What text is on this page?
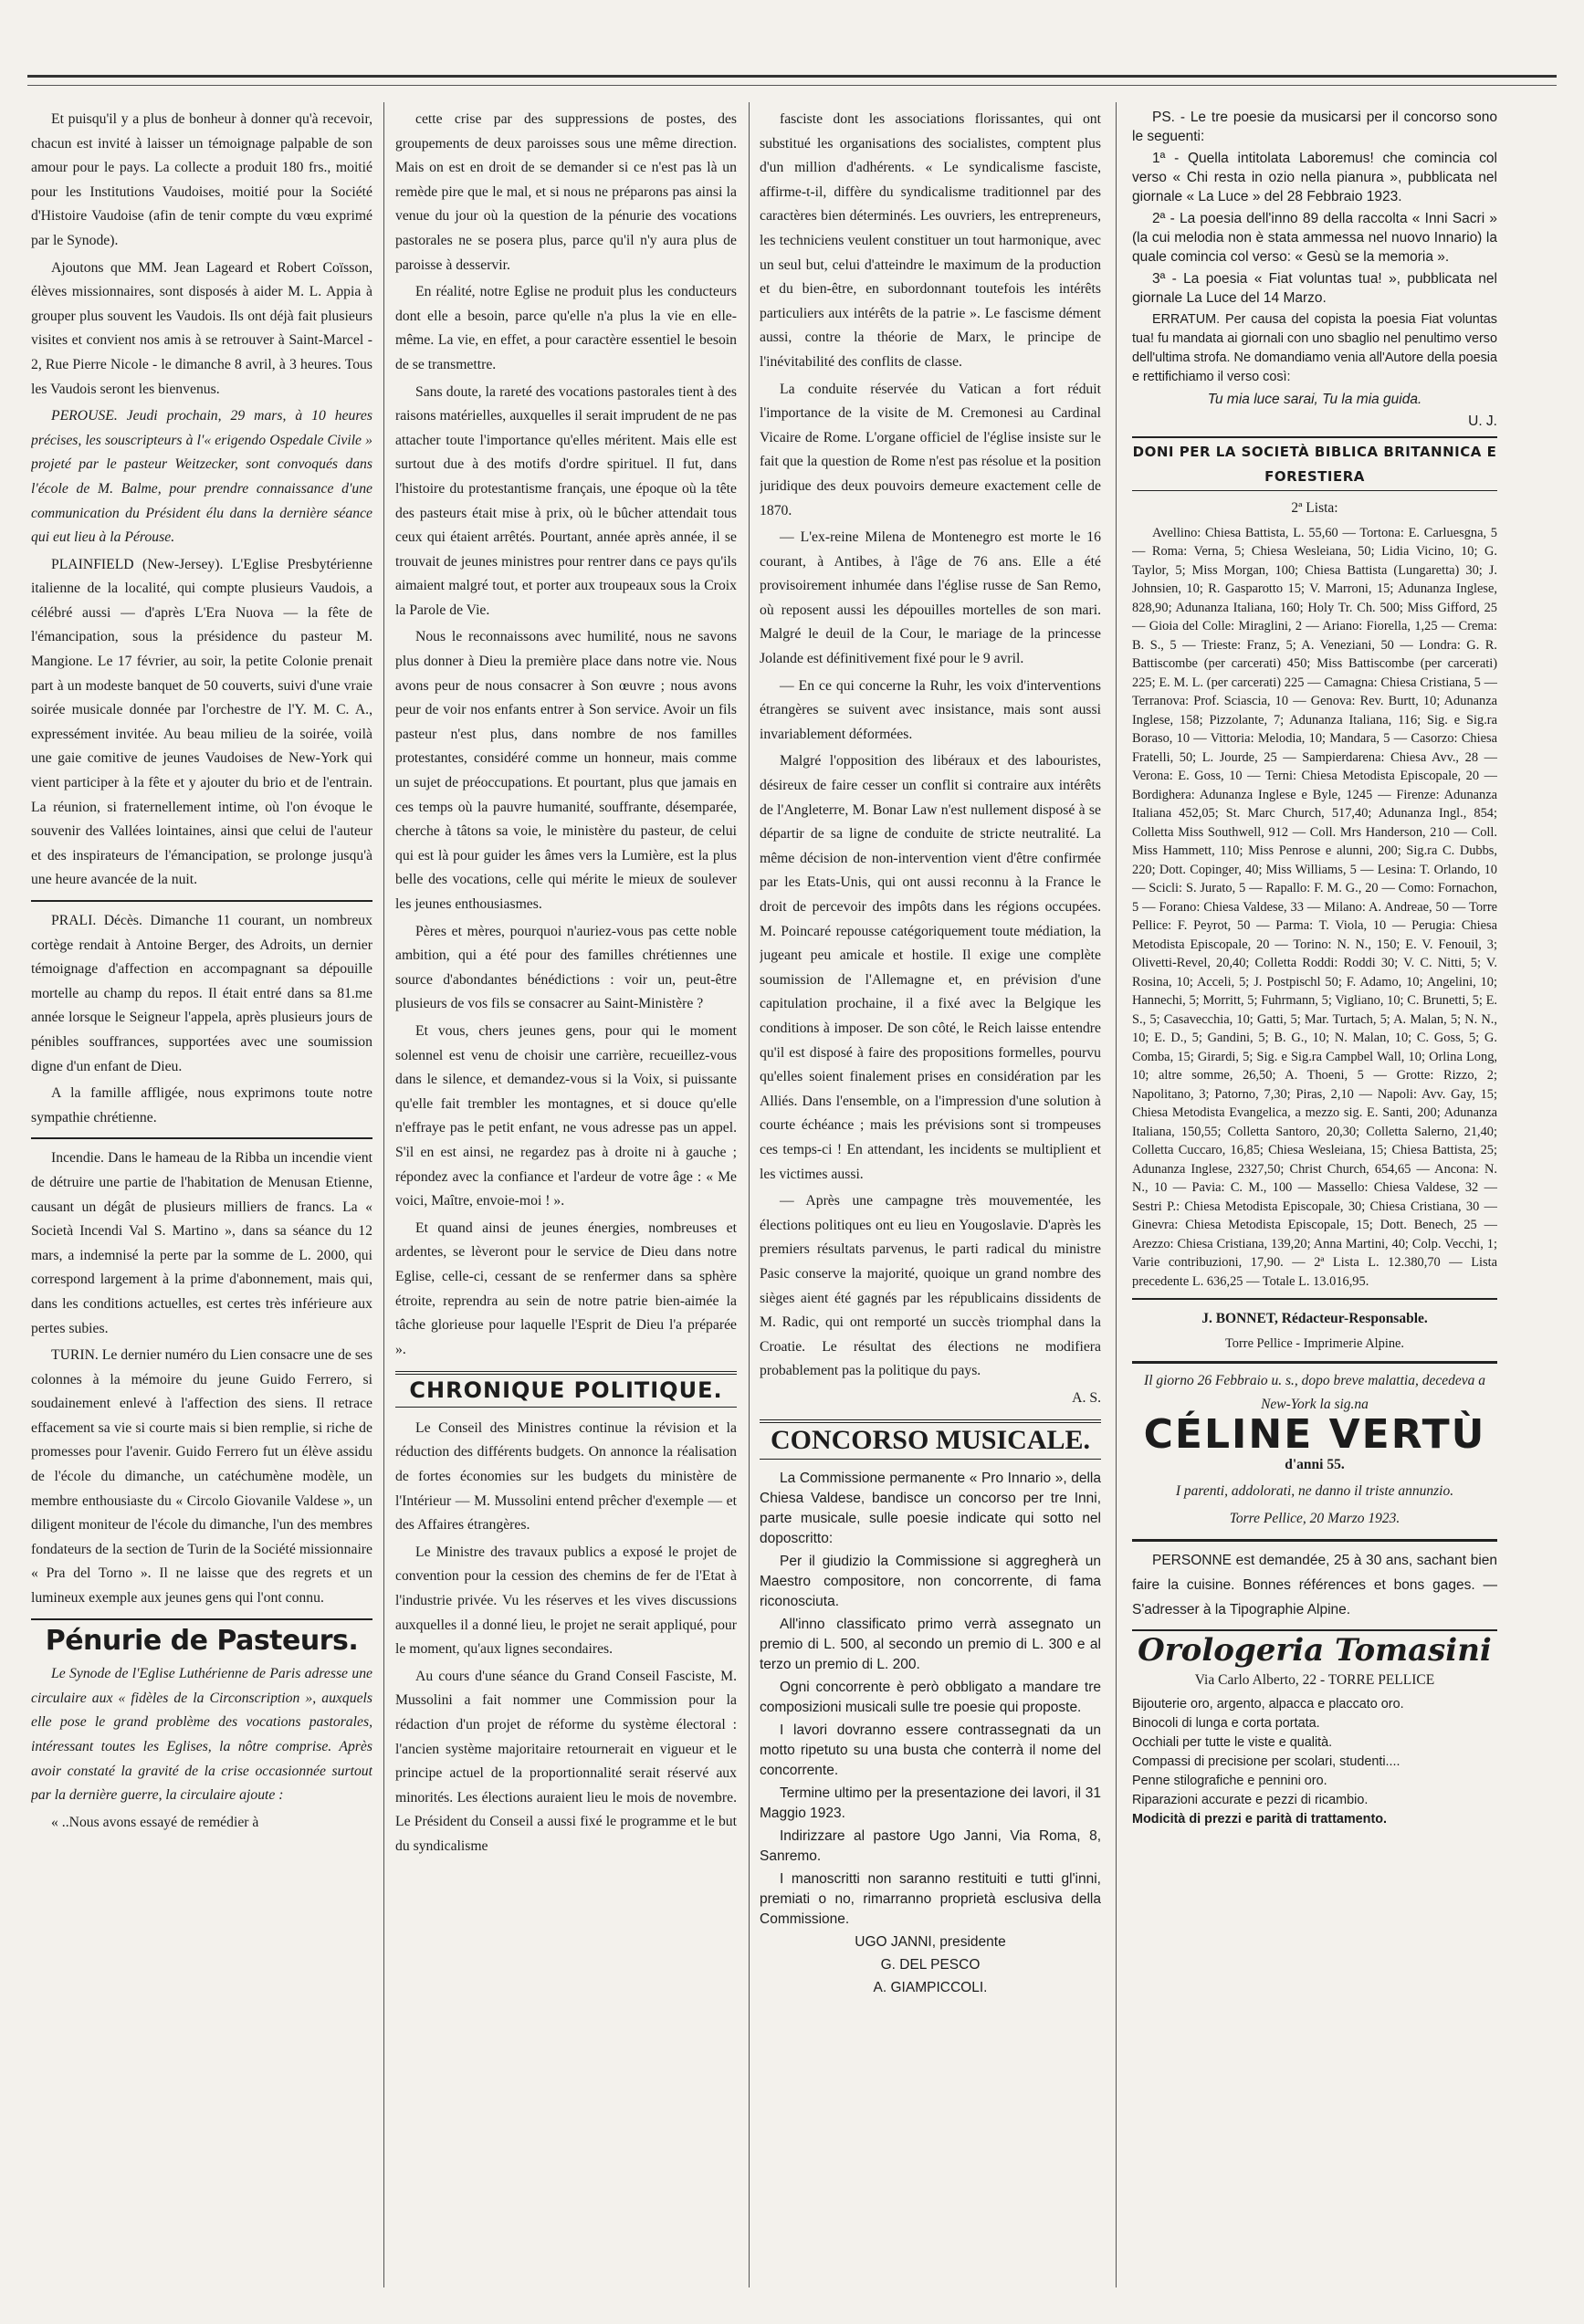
Et puisqu'il y a plus de bonheur à donner qu'à recevoir, chacun est invité à laisser un témoignage palpable de son amour pour le pays. La collecte a produit 180 frs., moitié pour les Institutions Vaudoises, moitié pour la Société d'Histoire Vaudoise (afin de tenir compte du vœu exprimé par le Synode).

Ajoutons que MM. Jean Lageard et Robert Coïsson, élèves missionnaires, sont disposés à aider M. L. Appia à grouper plus souvent les Vaudois. Ils ont déjà fait plusieurs visites et convient nos amis à se retrouver à Saint-Marcel - 2, Rue Pierre Nicole - le dimanche 8 avril, à 3 heures. Tous les Vaudois seront les bienvenus.

PEROUSE. Jeudi prochain, 29 mars, à 10 heures précises, les souscripteurs à l'« erigendo Ospedale Civile » projeté par le pasteur Weitzecker, sont convoqués dans l'école de M. Balme, pour prendre connaissance d'une communication du Président élu dans la dernière séance qui eut lieu à la Pérouse.

PLAINFIELD (New-Jersey). L'Eglise Presbytérienne italienne de la localité, qui compte plusieurs Vaudois, a célébré aussi — d'après L'Era Nuova — la fête de l'émancipation, sous la présidence du pasteur M. Mangione. Le 17 février, au soir, la petite Colonie prenait part à un modeste banquet de 50 couverts, suivi d'une vraie soirée musicale donnée par l'orchestre de l'Y. M. C. A., expressément invitée. Au beau milieu de la soirée, voilà une gaie comitive de jeunes Vaudoises de New-York qui vient participer à la fête et y ajouter du brio et de l'entrain. La réunion, si fraternellement intime, où l'on évoque le souvenir des Vallées lointaines, ainsi que celui de l'auteur et des inspirateurs de l'émancipation, se prolonge jusqu'à une heure avancée de la nuit.

PRALI. Décès. Dimanche 11 courant, un nombreux cortège rendait à Antoine Berger, des Adroits, un dernier témoignage d'affection en accompagnant sa dépouille mortelle au champ du repos. Il était entré dans sa 81.me année lorsque le Seigneur l'appela, après plusieurs jours de pénibles souffrances, supportées avec une soumission digne d'un enfant de Dieu.

A la famille affligée, nous exprimons toute notre sympathie chrétienne.

Incendie. Dans le hameau de la Ribba un incendie vient de détruire une partie de l'habitation de Menusan Etienne, causant un dégât de plusieurs milliers de francs. La « Società Incendi Val S. Martino », dans sa séance du 12 mars, a indemnisé la perte par la somme de L. 2000, qui correspond largement à la prime d'abonnement, mais qui, dans les conditions actuelles, est certes très inférieure aux pertes subies.

TURIN. Le dernier numéro du Lien consacre une de ses colonnes à la mémoire du jeune Guido Ferrero, si soudainement enlevé à l'affection des siens. Il retrace effacement sa vie si courte mais si bien remplie, si riche de promesses pour l'avenir. Guido Ferrero fut un élève assidu de l'école du dimanche, un catéchumène modèle, un membre enthousiaste du « Circolo Giovanile Valdese », un diligent moniteur de l'école du dimanche, l'un des membres fondateurs de la section de Turin de la Société missionnaire « Pra del Torno ». Il ne laisse que des regrets et un lumineux exemple aux jeunes gens qui l'ont connu.

Pénurie de Pasteurs.

Le Synode de l'Eglise Luthérienne de Paris adresse une circulaire aux « fidèles de la Circonscription », auxquels elle pose le grand problème des vocations pastorales, intéressant toutes les Eglises, la nôtre comprise. Après avoir constaté la gravité de la crise occasionnée surtout par la dernière guerre, la circulaire ajoute :

« ..Nous avons essayé de remédier à

cette crise par des suppressions de postes, des groupements de deux paroisses sous une même direction. Mais on est en droit de se demander si ce n'est pas là un remède pire que le mal, et si nous ne préparons pas ainsi la venue du jour où la question de la pénurie des vocations pastorales ne se posera plus, parce qu'il n'y aura plus de paroisse à desservir.

En réalité, notre Eglise ne produit plus les conducteurs dont elle a besoin, parce qu'elle n'a plus la vie en elle-même. La vie, en effet, a pour caractère essentiel le besoin de se transmettre.

Sans doute, la rareté des vocations pastorales tient à des raisons matérielles, auxquelles il serait imprudent de ne pas attacher toute l'importance qu'elles méritent. Mais elle est surtout due à des motifs d'ordre spirituel. Il fut, dans l'histoire du protestantisme français, une époque où la tête des pasteurs était mise à prix, où le bûcher attendait tous ceux qui étaient arrêtés. Pourtant, année après année, il se trouvait de jeunes ministres pour rentrer dans ce pays qu'ils aimaient malgré tout, et porter aux troupeaux sous la Croix la Parole de Vie.

Nous le reconnaissons avec humilité, nous ne savons plus donner à Dieu la première place dans notre vie. Nous avons peur de nous consacrer à Son œuvre ; nous avons peur de voir nos enfants entrer à Son service. Avoir un fils pasteur n'est plus, dans nombre de nos familles protestantes, considéré comme un honneur, mais comme un sujet de préoccupations. Et pourtant, plus que jamais en ces temps où la pauvre humanité, souffrante, désemparée, cherche à tâtons sa voie, le ministère du pasteur, de celui qui est là pour guider les âmes vers la Lumière, est la plus belle des vocations, celle qui mérite le mieux de soulever les jeunes enthousiasmes.

Pères et mères, pourquoi n'auriez-vous pas cette noble ambition, qui a été pour des familles chrétiennes une source d'abondantes bénédictions : voir un, peut-être plusieurs de vos fils se consacrer au Saint-Ministère ?

Et vous, chers jeunes gens, pour qui le moment solennel est venu de choisir une carrière, recueillez-vous dans le silence, et demandez-vous si la Voix, si puissante qu'elle fait trembler les montagnes, et si douce qu'elle n'effraye pas le petit enfant, ne vous adresse pas un appel. S'il en est ainsi, ne regardez pas à droite ni à gauche ; répondez avec la confiance et l'ardeur de votre âge : « Me voici, Maître, envoie-moi ! ».

Et quand ainsi de jeunes énergies, nombreuses et ardentes, se lèveront pour le service de Dieu dans notre Eglise, celle-ci, cessant de se renfermer dans sa sphère étroite, reprendra au sein de notre patrie bien-aimée la tâche glorieuse pour laquelle l'Esprit de Dieu l'a préparée ».

CHRONIQUE POLITIQUE.

Le Conseil des Ministres continue la révision et la réduction des différents budgets. On annonce la réalisation de fortes économies sur les budgets du ministère de l'Intérieur — M. Mussolini entend prêcher d'exemple — et des Affaires étrangères.

Le Ministre des travaux publics a exposé le projet de convention pour la cession des chemins de fer de l'Etat à l'industrie privée. Vu les réserves et les vives discussions auxquelles il a donné lieu, le projet ne serait appliqué, pour le moment, qu'aux lignes secondaires.

Au cours d'une séance du Grand Conseil Fasciste, M. Mussolini a fait nommer une Commission pour la rédaction d'un projet de réforme du système électoral : l'ancien système majoritaire retournerait en vigueur et le principe actuel de la proportionnalité serait réservé aux minorités. Les élections auraient lieu le mois de novembre. Le Président du Conseil a aussi fixé le programme et le but du syndicalisme

fasciste dont les associations florissantes, qui ont substitué les organisations des socialistes, comptent plus d'un million d'adhérents. « Le syndicalisme fasciste, affirme-t-il, diffère du syndicalisme traditionnel par des caractères bien déterminés. Les ouvriers, les entrepreneurs, les techniciens veulent constituer un tout harmonique, avec un seul but, celui d'atteindre le maximum de la production et du bien-être, en subordonnant toutefois les intérêts particuliers aux intérêts de la patrie ». Le fascisme dément aussi, contre la théorie de Marx, le principe de l'inévitabilité des conflits de classe.

La conduite réservée du Vatican a fort réduit l'importance de la visite de M. Cremonesi au Cardinal Vicaire de Rome. L'organe officiel de l'église insiste sur le fait que la question de Rome n'est pas résolue et la position juridique des deux pouvoirs demeure exactement celle de 1870.

— L'ex-reine Milena de Montenegro est morte le 16 courant, à Antibes, à l'âge de 76 ans. Elle a été provisoirement inhumée dans l'église russe de San Remo, où reposent aussi les dépouilles mortelles de son mari. Malgré le deuil de la Cour, le mariage de la princesse Jolande est définitivement fixé pour le 9 avril.

— En ce qui concerne la Ruhr, les voix d'interventions étrangères se suivent avec insistance, mais sont aussi invariablement déformées.

Malgré l'opposition des libéraux et des labouristes, désireux de faire cesser un conflit si contraire aux intérêts de l'Angleterre, M. Bonar Law n'est nullement disposé à se départir de sa ligne de conduite de stricte neutralité. La même décision de non-intervention vient d'être confirmée par les Etats-Unis, qui ont aussi reconnu à la France le droit de percevoir des impôts dans les régions occupées. M. Poincaré repousse catégoriquement toute médiation, la jugeant peu amicale et hostile. Il exige une complète soumission de l'Allemagne et, en prévision d'une capitulation prochaine, il a fixé avec la Belgique les conditions à imposer. De son côté, le Reich laisse entendre qu'il est disposé à faire des propositions formelles, pourvu qu'elles soient finalement prises en considération par les Alliés. Dans l'ensemble, on a l'impression d'une solution à courte échéance ; mais les prévisions sont si trompeuses ces temps-ci ! En attendant, les incidents se multiplient et les victimes aussi.

— Après une campagne très mouvementée, les élections politiques ont eu lieu en Yougoslavie. D'après les premiers résultats parvenus, le parti radical du ministre Pasic conserve la majorité, quoique un grand nombre des sièges aient été gagnés par les républicains dissidents de M. Radic, qui ont remporté un succès triomphal dans la Croatie. Le résultat des élections ne modifiera probablement pas la politique du pays.

A. S.

CONCORSO MUSICALE.

La Commissione permanente « Pro Innario », della Chiesa Valdese, bandisce un concorso per tre Inni, parte musicale, sulle poesie indicate qui sotto nel doposcritto:

Per il giudizio la Commissione si aggregherà un Maestro compositore, non concorrente, di fama riconosciuta.

All'inno classificato primo verrà assegnato un premio di L. 500, al secondo un premio di L. 300 e al terzo un premio di L. 200.

Ogni concorrente è però obbligato a mandare tre composizioni musicali sulle tre poesie qui proposte.

I lavori dovranno essere contrassegnati da un motto ripetuto su una busta che conterrà il nome del concorrente.

Termine ultimo per la presentazione dei lavori, il 31 Maggio 1923.

Indirizzare al pastore Ugo Janni, Via Roma, 8, Sanremo.

I manoscritti non saranno restituiti e tutti gl'inni, premiati o no, rimarranno proprietà esclusiva della Commissione.

UGO JANNI, presidente

G. DEL PESCO

A. GIAMPICCOLI.

PS. - Le tre poesie da musicarsi per il concorso sono le seguenti:

1ª - Quella intitolata Laboremus! che comincia col verso « Chi resta in ozio nella pianura », pubblicata nel giornale « La Luce » del 28 Febbraio 1923.

2ª - La poesia dell'inno 89 della raccolta « Inni Sacri » (la cui melodia non è stata ammessa nel nuovo Innario) la quale comincia col verso: « Gesù se la memoria ».

3ª - La poesia « Fiat voluntas tua! », pubblicata nel giornale La Luce del 14 Marzo.

ERRATUM. Per causa del copista la poesia Fiat voluntas tua! fu mandata ai giornali con uno sbaglio nel penultimo verso dell'ultima strofa. Ne domandiamo venia all'Autore della poesia e rettifichiamo il verso così:

Tu mia luce sarai, Tu la mia guida.

U. J.

DONI PER LA SOCIETÀ BIBLICA BRITANNICA E FORESTIERA

2ª Lista:

Avellino: Chiesa Battista, L. 55,60 — Tortona: E. Carluesgna, 5 — Roma: Verna, 5; Chiesa Wesleiana, 50; Lidia Vicino, 10; G. Taylor, 5; Miss Morgan, 100; Chiesa Battista (Lungaretta) 30; J. Johnsien, 10; R. Gasparotto 15; V. Marroni, 15; Adunanza Inglese, 828,90; Adunanza Italiana, 160; Holy Tr. Ch. 500; Miss Gifford, 25 — Gioia del Colle: Miraglini, 2 — Ariano: Fiorella, 1,25 — Crema: B. S., 5 — Trieste: Franz, 5; A. Veneziani, 50 — Londra: G. R. Battiscombe (per carcerati) 450; Miss Battiscombe (per carcerati) 225; E. M. L. (per carcerati) 225 — Camagna: Chiesa Cristiana, 5 — Terranova: Prof. Sciascia, 10 — Genova: Rev. Burtt, 10; Adunanza Inglese, 158; Pizzolante, 7; Adunanza Italiana, 116; Sig. e Sig.ra Boraso, 10 — Vittoria: Melodia, 10; Mandara, 5 — Casorzo: Chiesa Fratelli, 50; L. Jourde, 25 — Sampierdarena: Chiesa Avv., 28 — Verona: E. Goss, 10 — Terni: Chiesa Metodista Episcopale, 20 — Bordighera: Adunanza Inglese e Byle, 1245 — Firenze: Adunanza Italiana 452,05; St. Marc Church, 517,40; Adunanza Ingl., 854; Colletta Miss Southwell, 912 — Coll. Mrs Handerson, 210 — Coll. Miss Hammett, 110; Miss Penrose e alunni, 200; Sig.ra C. Dubbs, 220; Dott. Copinger, 40; Miss Williams, 5 — Lesina: T. Orlando, 10 — Scicli: S. Jurato, 5 — Rapallo: F. M. G., 20 — Como: Fornachon, 5 — Forano: Chiesa Valdese, 33 — Milano: A. Andreae, 50 — Torre Pellice: F. Peyrot, 50 — Parma: T. Viola, 10 — Perugia: Chiesa Metodista Episcopale, 20 — Torino: N. N., 150; E. V. Fenouil, 3; Olivetti-Revel, 20,40; Colletta Roddi: Roddi 30; V. C. Nitti, 5; V. Rosina, 10; Acceli, 5; J. Postpischl 50; F. Adamo, 10; Angelini, 10; Hannechi, 5; Morritt, 5; Fuhrmann, 5; Vigliano, 10; C. Brunetti, 5; E. S., 5; Casavecchia, 10; Gatti, 5; Mar. Turtach, 5; A. Malan, 5; N. N., 10; E. D., 5; Gandini, 5; B. G., 10; N. Malan, 10; C. Goss, 5; G. Comba, 15; Girardi, 5; Sig. e Sig.ra Campbel Wall, 10; Orlina Long, 10; altre somme, 26,50; A. Thoeni, 5 — Grotte: Rizzo, 2; Napolitano, 3; Patorno, 7,30; Piras, 2,10 — Napoli: Avv. Gay, 15; Chiesa Metodista Evangelica, a mezzo sig. E. Santi, 200; Adunanza Italiana, 150,55; Colletta Santoro, 20,30; Colletta Salerno, 21,40; Colletta Cuccaro, 16,85; Chiesa Wesleiana, 15; Chiesa Battista, 25; Adunanza Inglese, 2327,50; Christ Church, 654,65 — Ancona: N. N., 10 — Pavia: C. M., 100 — Massello: Chiesa Valdese, 32 — Sestri P.: Chiesa Metodista Episcopale, 30; Chiesa Cristiana, 30 — Ginevra: Chiesa Metodista Episcopale, 15; Dott. Benech, 25 — Arezzo: Chiesa Cristiana, 139,20; Anna Martini, 40; Colp. Vecchi, 1; Varie contribuzioni, 17,90. — 2ª Lista L. 12.380,70 — Lista precedente L. 636,25 — Totale L. 13.016,95.

J. BONNET, Rédacteur-Responsable.

Torre Pellice - Imprimerie Alpine.

Il giorno 26 Febbraio u. s., dopo breve malattia, decedeva a New-York la sig.na

CÉLINE VERTÙ

d'anni 55.

I parenti, addolorati, ne danno il triste annunzio.

Torre Pellice, 20 Marzo 1923.

PERSONNE est demandée, 25 à 30 ans, sachant bien faire la cuisine. Bonnes références et bons gages. — S'adresser à la Tipographie Alpine.

Orologeria Tomasini

Via Carlo Alberto, 22 - TORRE PELLICE

Bijouterie oro, argento, alpacca e placcato oro.
Binocoli di lunga e corta portata.
Occhiali per tutte le viste e qualità.
Compassi di precisione per scolari, studenti....
Penne stilografiche e pennini oro.
Riparazioni accurate e pezzi di ricambio.
Modicità di prezzi e parità di trattamento.
